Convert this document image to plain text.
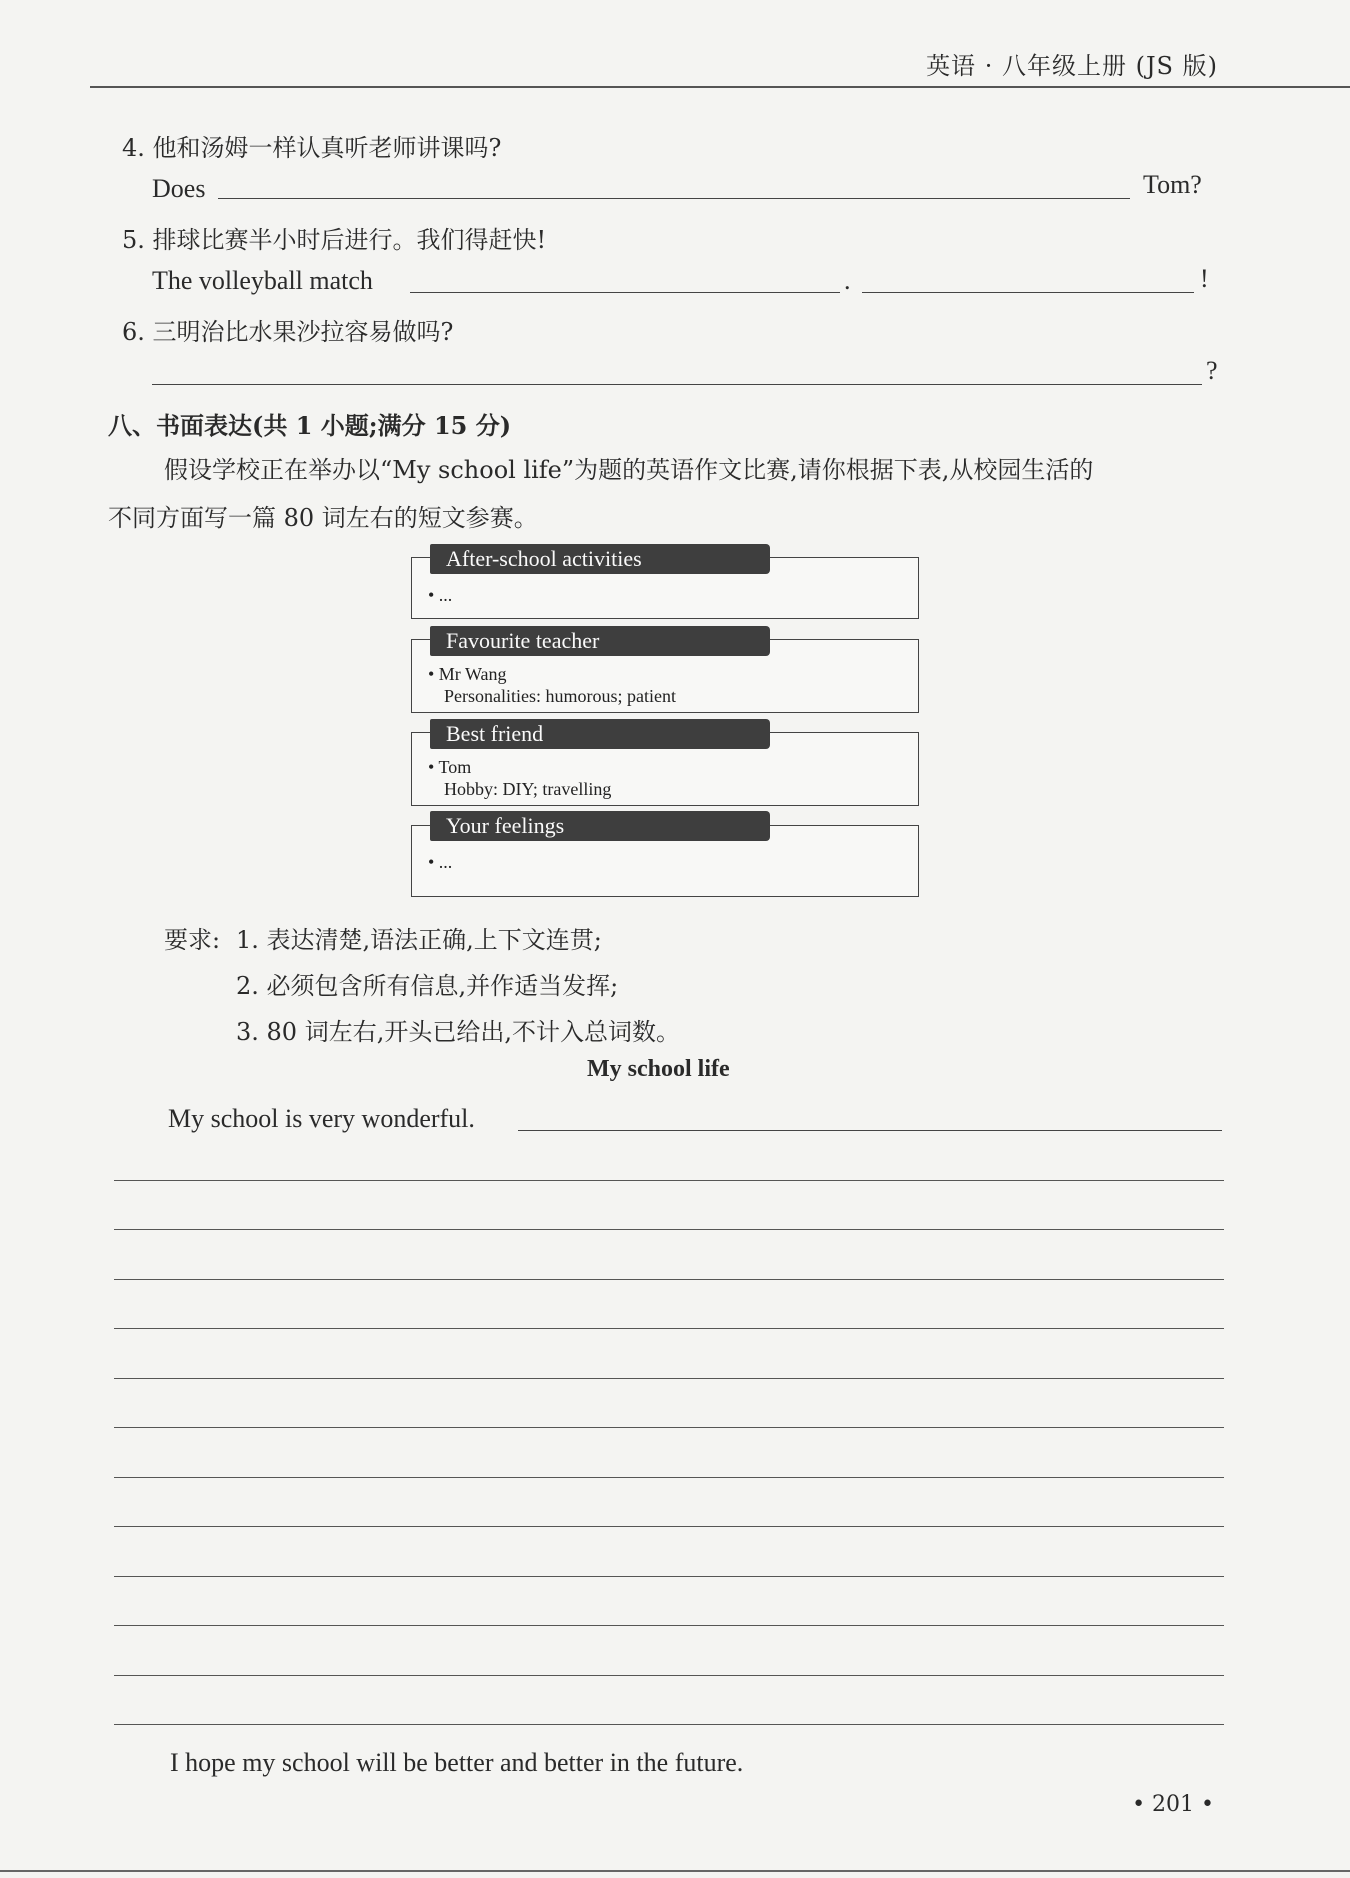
英语 · 八年级上册 (JS 版)
4. 他和汤姆一样认真听老师讲课吗?
Does	Tom?
5. 排球比赛半小时后进行。我们得赶快!
The volleyball match	.	!
6. 三明治比水果沙拉容易做吗?
?
八、书面表达(共 1 小题;满分 15 分)
假设学校正在举办以“My school life”为题的英语作文比赛,请你根据下表,从校园生活的
不同方面写一篇 80 词左右的短文参赛。
After-school activities
• ...
Favourite teacher
• Mr Wang
Personalities: humorous; patient
Best friend
• Tom
Hobby: DIY; travelling
Your feelings
• ...
要求: 1. 表达清楚,语法正确,上下文连贯;
2. 必须包含所有信息,并作适当发挥;
3. 80 词左右,开头已给出,不计入总词数。
My school life
My school is very wonderful.
I hope my school will be better and better in the future.
• 201 •
